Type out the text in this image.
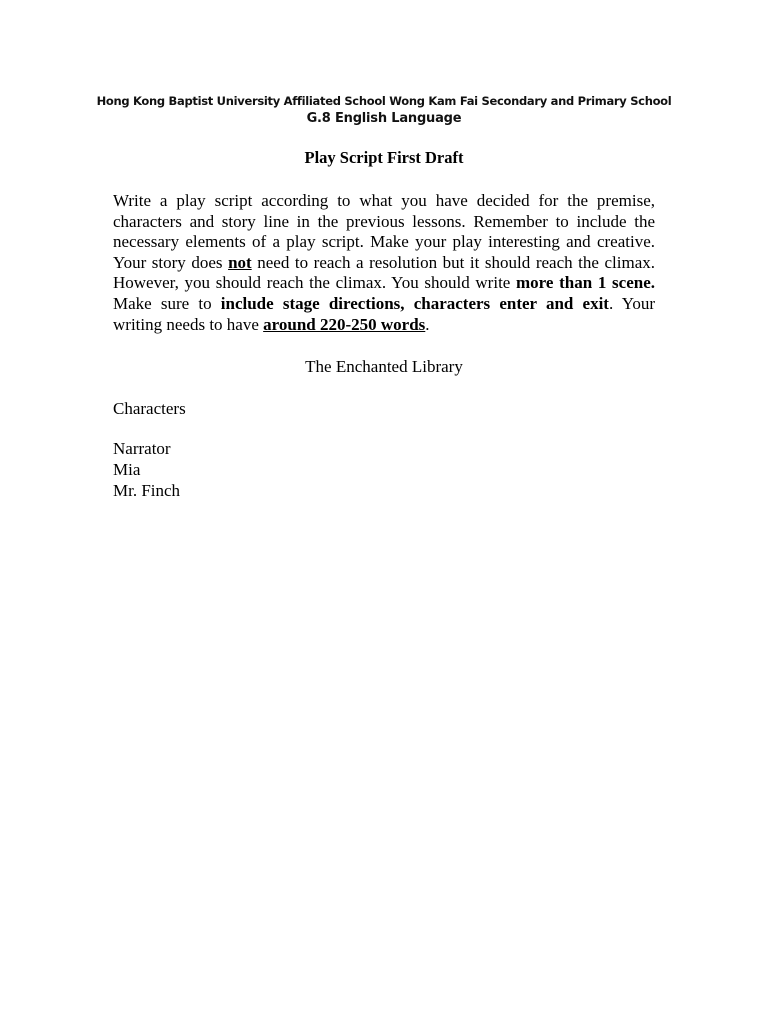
Hong Kong Baptist University Affiliated School Wong Kam Fai Secondary and Primary School
G.8 English Language
Play Script First Draft

Write a play script according to what you have decided for the premise, characters and story line in the previous lessons. Remember to include the necessary elements of a play script. Make your play interesting and creative. Your story does not need to reach a resolution but it should reach the climax. However, you should reach the climax. You should write more than 1 scene. Make sure to include stage directions, characters enter and exit. Your writing needs to have around 220-250 words.

The Enchanted Library
Characters
Narrator
Mia
Mr. Finch
